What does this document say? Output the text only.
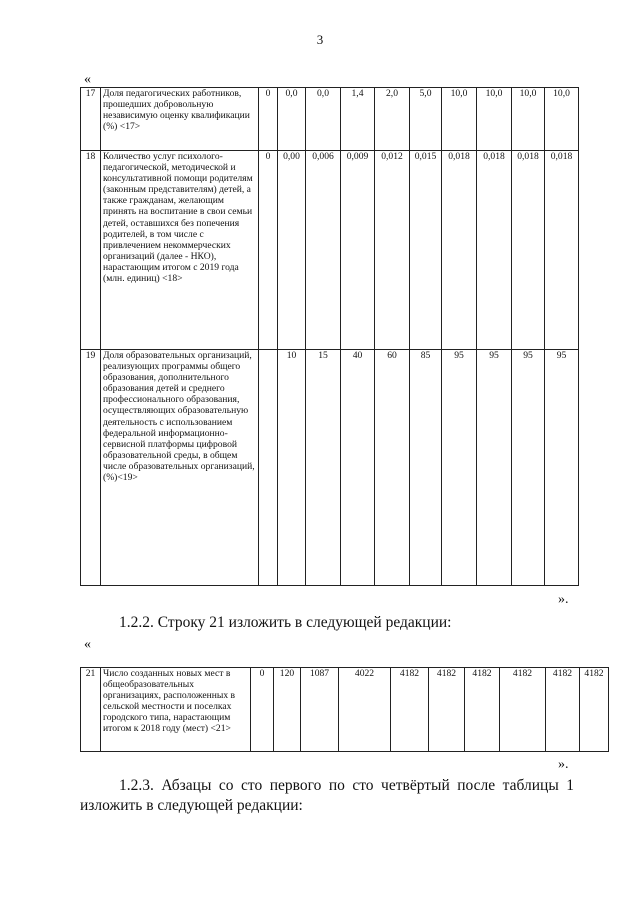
3
«
17	Доля педагогических работников, прошедших добровольную независимую оценку квалификации (%) <17>	0	0,0	0,0	1,4	2,0	5,0	10,0	10,0	10,0	10,0
18	Количество услуг психолого-педагогической, методической и консультативной помощи родителям (законным представителям) детей, а также гражданам, желающим принять на воспитание в свои семьи детей, оставшихся без попечения родителей, в том числе с привлечением некоммерческих организаций (далее - НКО), нарастающим итогом с 2019 года (млн. единиц) <18>	0	0,00	0,006	0,009	0,012	0,015	0,018	0,018	0,018	0,018
19	Доля образовательных организаций, реализующих программы общего образования, дополнительного образования детей и среднего профессионального образования, осуществляющих образовательную деятельность с использованием федеральной информационно-сервисной платформы цифровой образовательной среды, в общем числе образовательных организаций, (%)<19>		10	15	40	60	85	95	95	95	95
».
1.2.2. Строку 21 изложить в следующей редакции:
«
21	Число созданных новых мест в общеобразовательных организациях, расположенных в сельской местности и поселках городского типа, нарастающим итогом к 2018 году (мест) <21>	0	120	1087	4022	4182	4182	4182	4182	4182	4182
».
1.2.3. Абзацы со сто первого по сто четвёртый после таблицы 1
изложить в следующей редакции:
